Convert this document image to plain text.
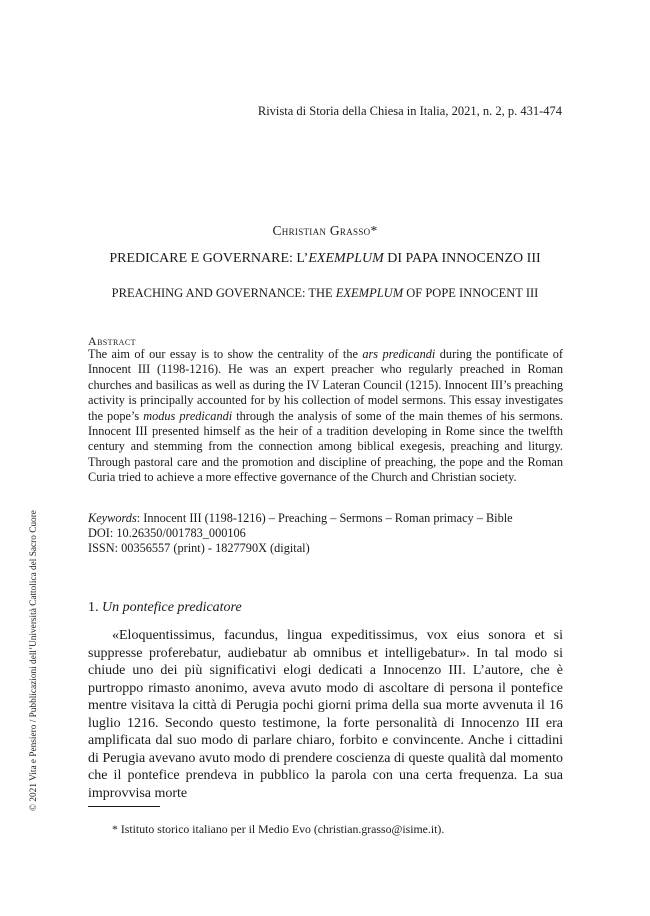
Rivista di Storia della Chiesa in Italia, 2021, n. 2, p. 431-474
Christian Grasso*
PREDICARE E GOVERNARE: L’EXEMPLUM DI PAPA INNOCENZO III
PREACHING AND GOVERNANCE: THE EXEMPLUM OF POPE INNOCENT III
Abstract
The aim of our essay is to show the centrality of the ars predicandi during the pontificate of Innocent III (1198-1216). He was an expert preacher who regularly preached in Roman churches and basilicas as well as during the IV Lateran Council (1215). Innocent III’s preaching activity is principally accounted for by his collection of model sermons. This essay investigates the pope’s modus predicandi through the analysis of some of the main themes of his sermons. Innocent III presented himself as the heir of a tradition developing in Rome since the twelfth century and stemming from the connection among biblical exegesis, preaching and liturgy. Through pastoral care and the promotion and discipline of preaching, the pope and the Roman Curia tried to achieve a more effective governance of the Church and Christian society.
Keywords: Innocent III (1198-1216) – Preaching – Sermons – Roman primacy – Bible
DOI: 10.26350/001783_000106
ISSN: 00356557 (print) - 1827790X (digital)
1. Un pontefice predicatore
«Eloquentissimus, facundus, lingua expeditissimus, vox eius sonora et si suppresse proferebatur, audiebatur ab omnibus et intelligebatur». In tal modo si chiude uno dei più significativi elogi dedicati a Innocenzo III. L’autore, che è purtroppo rimasto anonimo, aveva avuto modo di ascoltare di persona il pontefice mentre visitava la città di Perugia pochi giorni prima della sua morte avvenuta il 16 luglio 1216. Secondo questo testimone, la forte personalità di Innocenzo III era amplificata dal suo modo di parlare chiaro, forbito e convincente. Anche i cittadini di Perugia avevano avuto modo di prendere coscienza di queste qualità dal momento che il pontefice prendeva in pubblico la parola con una certa frequenza. La sua improvvisa morte
* Istituto storico italiano per il Medio Evo (christian.grasso@isime.it).
© 2021 Vita e Pensiero / Pubblicazioni dell’Università Cattolica del Sacro Cuore
